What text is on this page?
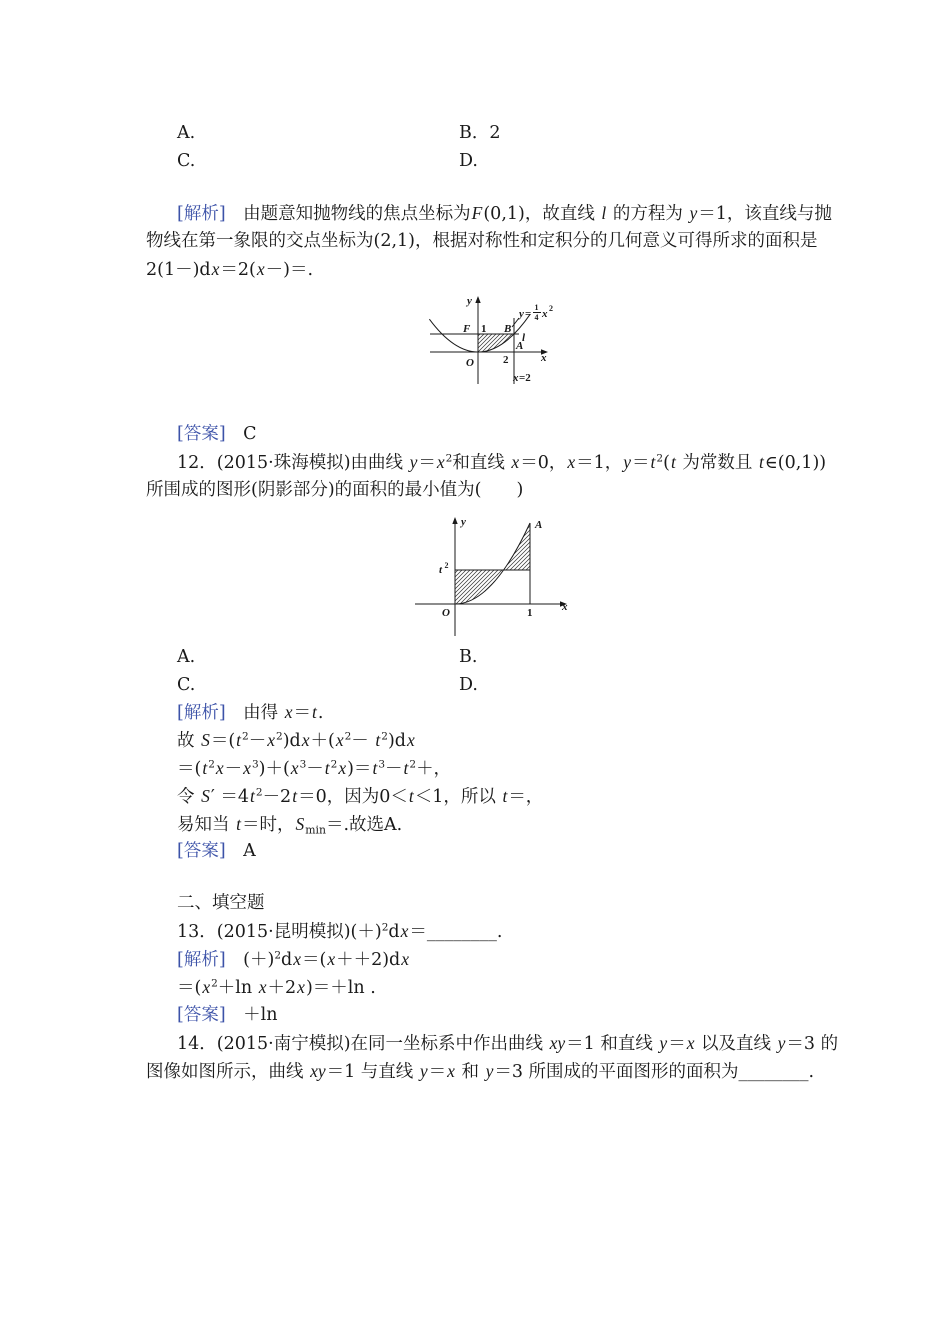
A.	B．2
C.	D.
[解析]　由题意知抛物线的焦点坐标为F(0,1)，故直线 l 的方程为 y＝1，该直线与抛
物线在第一象限的交点坐标为(2,1)，根据对称性和定积分的几何意义可得所求的面积是
2(1－)dx＝2(x－)＝.
y
x
O
F 1 B
l
A
2
x =2
y =
1
4 x 2
[答案]　C
12．(2015·珠海模拟)由曲线 $y=x^2$和直线 x＝0，x＝1，$y=t^2(t$ 为常数且 t∈(0,1))
所围成的图形(阴影部分)的面积的最小值为(　　)
y	A
t 2
O	1	x
A.	B.
C.	D.
[解析]　由得 x＝t.
故 $S=(t^2-x^2)dx+(x^2- t^2)dx$
$=(t^2x-x^3)+(x^3-t^2x)=t^3-t^2+$，
令 $S' =4t^2-2t=0$，因为0＜t＜1，所以 t＝，
易知当 t＝时，$S_{min}=$.故选A.
[答案]　A
二、填空题
13．(2015·昆明模拟)$(+)^2dx=\_\_\_\_\_\_\_\_$.
[解析]　$(+)^2dx=(x++2)dx$
$=(x^2+\ln$ x＋2x)＝＋ln .
[答案]　＋ln
14．(2015·南宁模拟)在同一坐标系中作出曲线 xy＝1 和直线 y＝x 以及直线 y＝3 的
图像如图所示，曲线 xy＝1 与直线 y＝x 和 y＝3 所围成的平面图形的面积为________.
